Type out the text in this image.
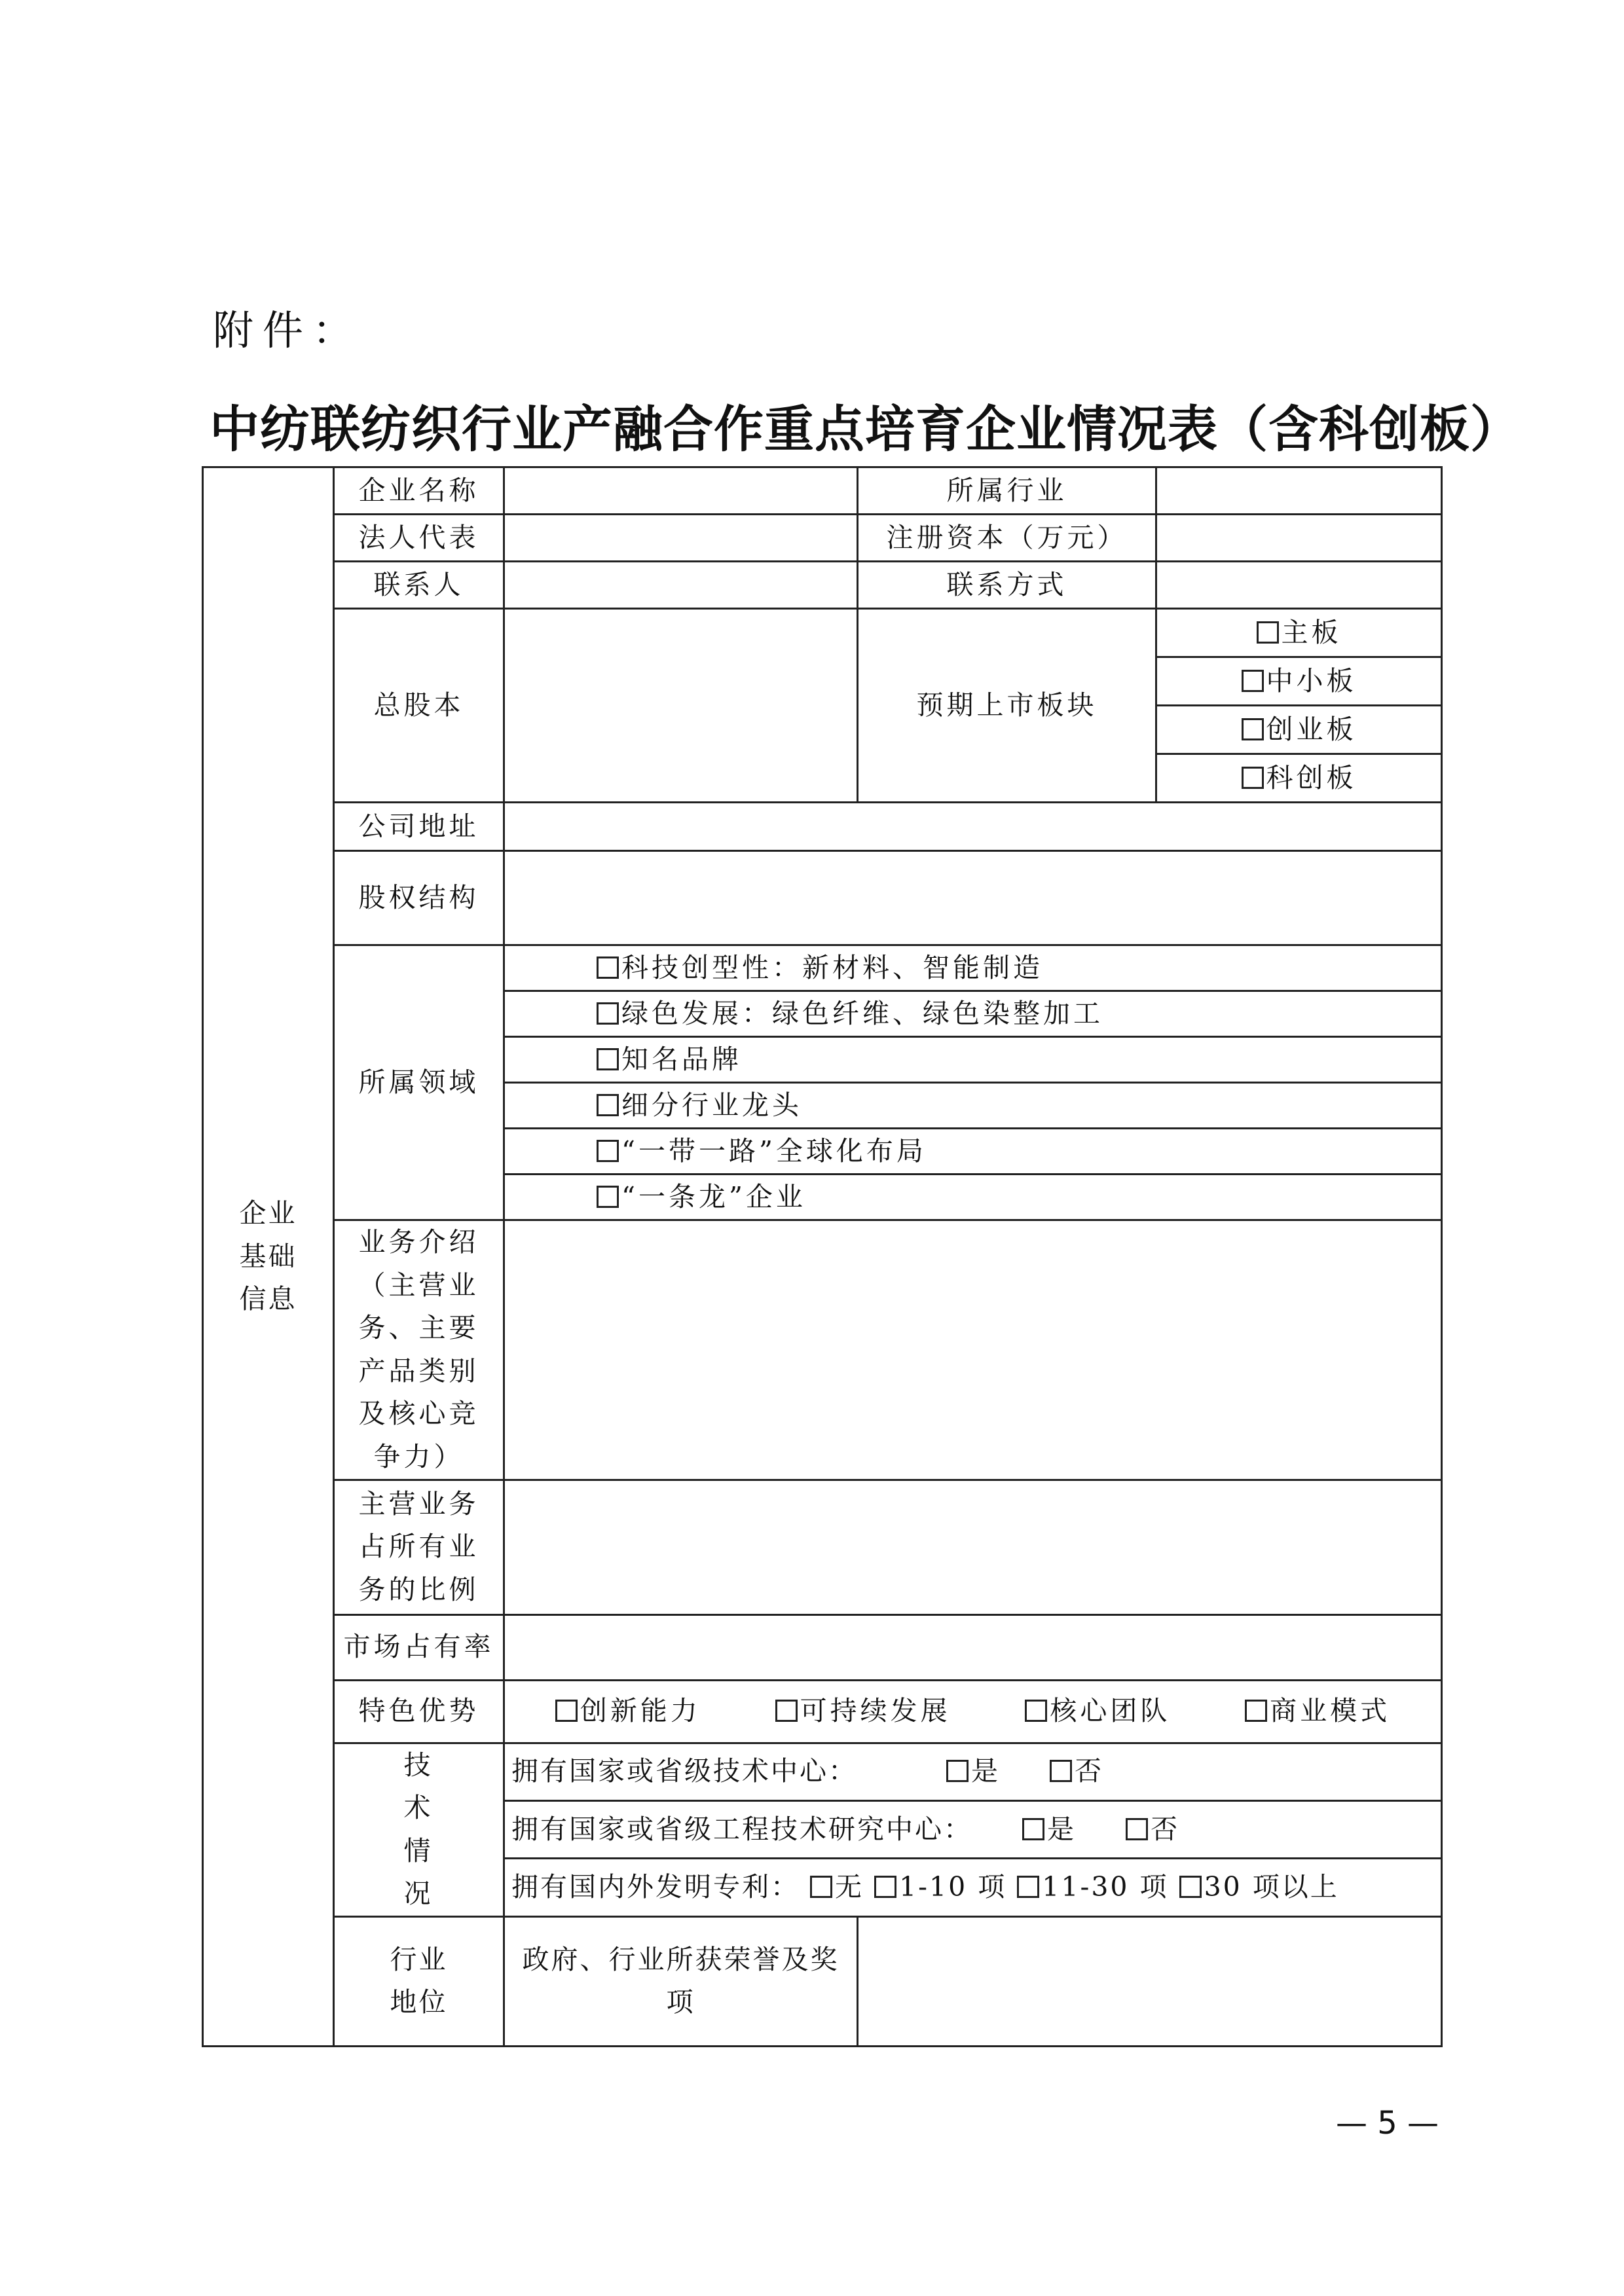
附件：
中纺联纺织行业产融合作重点培育企业情况表（含科创板）
企业基础信息	企业名称		所属行业	
	法人代表		注册资本（万元）	
	联系人		联系方式	
	总股本		预期上市板块	主板
				中小板
				创业板
				科创板
	公司地址			
	股权结构			
	所属领域	科技创型性：新材料、智能制造		
		绿色发展：绿色纤维、绿色染整加工		
		知名品牌		
		细分行业龙头		
		“一带一路”全球化布局		
		“一条龙”企业		

	业务介绍（主营业务、主要产品类别及核心竞争力）			

	主营业务占所有业务的比例			

	市场占有率			
	特色优势	创新能力 可持续发展 核心团队 商业模式		

	技术情况	拥有国家或省级技术中心： 是 否		
		拥有国家或省级工程技术研究中心： 是 否		
		拥有国内外发明专利： 无 1-10 项 11-30 项 30 项以上		

	行业地位	政府、行业所获荣誉及奖项		

— 5 —
